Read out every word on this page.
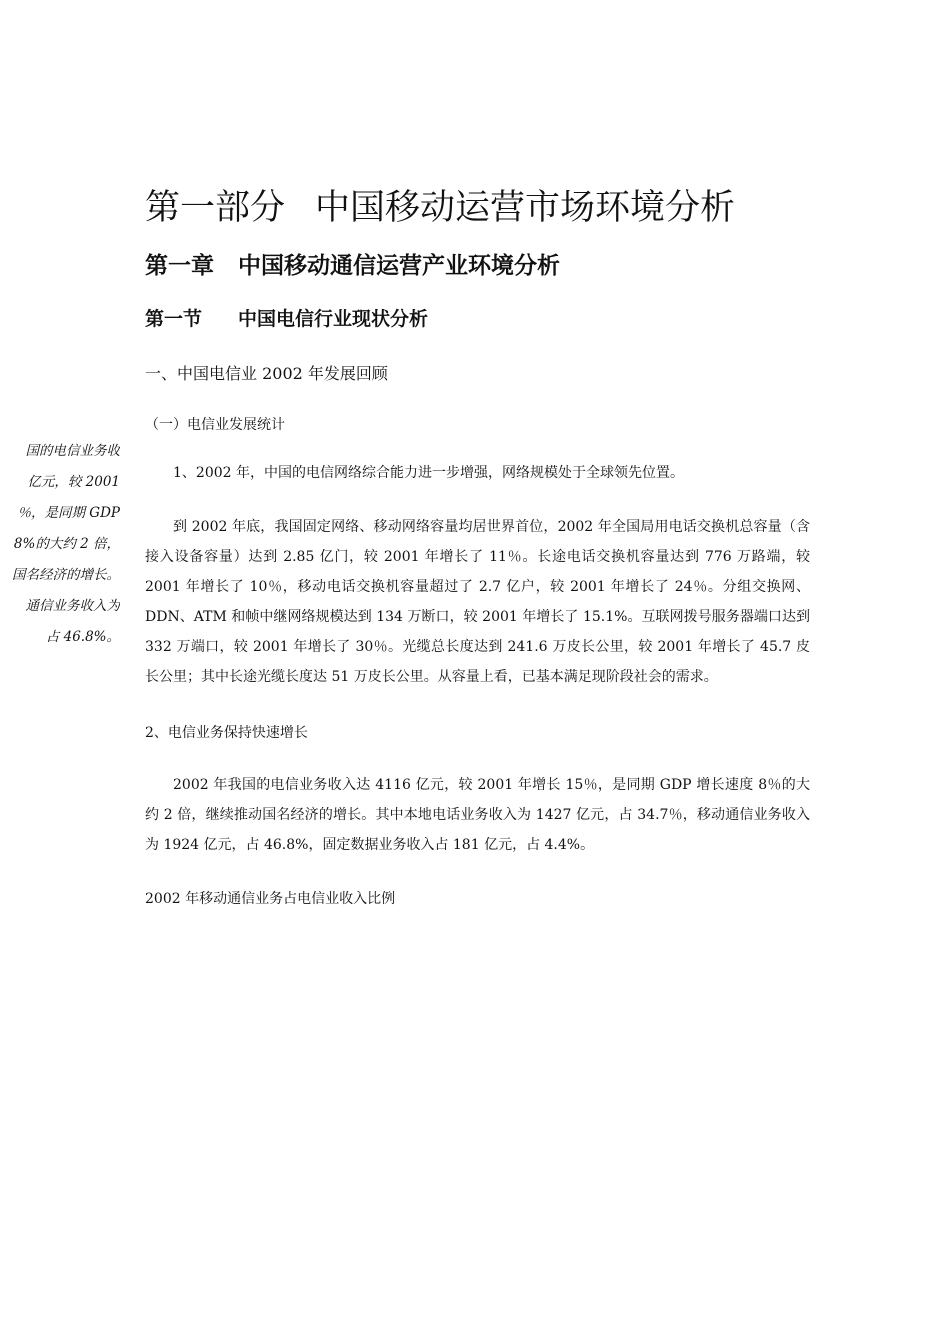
国的电信业务收
亿元，较 2001
％，是同期 GDP
8%的大约 2 倍，
国名经济的增长。
通信业务收入为
占 46.8%。
第一部分 中国移动运营市场环境分析
第一章 中国移动通信运营产业环境分析
第一节 中国电信行业现状分析
一、中国电信业 2002 年发展回顾
（一）电信业发展统计

1、2002 年，中国的电信网络综合能力进一步增强，网络规模处于全球领先位置。

到 2002 年底，我国固定网络、移动网络容量均居世界首位，2002 年全国局用电话交换机总容量（含接入设备容量）达到 2.85 亿门，较 2001 年增长了 11％。长途电话交换机容量达到 776 万路端，较 2001 年增长了 10％，移动电话交换机容量超过了 2.7 亿户，较 2001 年增长了 24％。分组交换网、DDN、ATM 和帧中继网络规模达到 134 万断口，较 2001 年增长了 15.1%。互联网拨号服务器端口达到 332 万端口，较 2001 年增长了 30％。光缆总长度达到 241.6 万皮长公里，较 2001 年增长了 45.7 皮长公里；其中长途光缆长度达 51 万皮长公里。从容量上看，已基本满足现阶段社会的需求。

2、电信业务保持快速增长

2002 年我国的电信业务收入达 4116 亿元，较 2001 年增长 15％，是同期 GDP 增长速度 8％的大约 2 倍，继续推动国名经济的增长。其中本地电话业务收入为 1427 亿元，占 34.7％，移动通信业务收入为 1924 亿元，占 46.8%，固定数据业务收入占 181 亿元，占 4.4%。

2002 年移动通信业务占电信业收入比例
